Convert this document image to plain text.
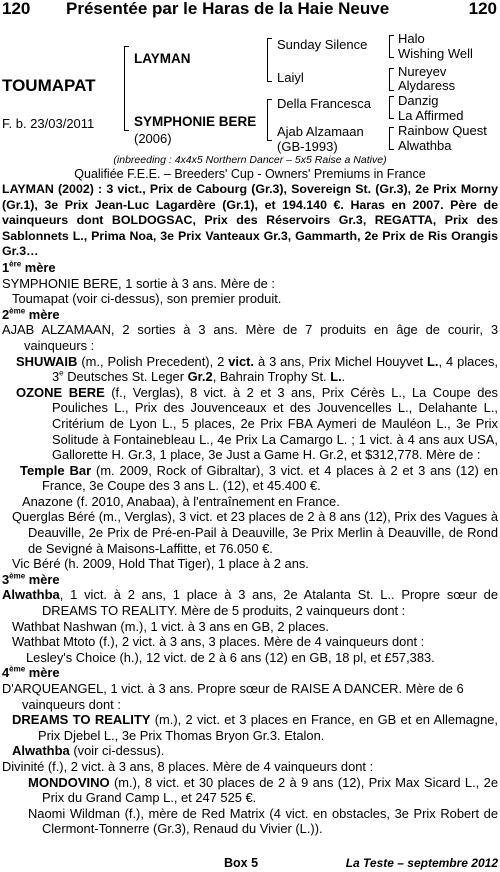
120 Présentée par le Haras de la Haie Neuve	120
TOUMAPAT
F. b. 23/03/2011
LAYMAN
SYMPHONIE BERE
(2006)
Sunday Silence
Laiyl
Della Francesca
Ajab Alzamaan
(GB-1993)
Halo
Wishing Well
Nureyev
Alydaress
Danzig
La Affirmed
Rainbow Quest
Alwathba
(inbreeding : 4x4x5 Northern Dancer – 5x5 Raise a Native)
Qualifiée F.E.E. – Breeders' Cup - Owners' Premiums in France

LAYMAN (2002) : 3 vict., Prix de Cabourg (Gr.3), Sovereign St. (Gr.3), 2e Prix Morny (Gr.1), 3e Prix Jean-Luc Lagardère (Gr.1), et 194.140 €. Haras en 2007. Père de vainqueurs dont BOLDOGSAC, Prix des Réservoirs Gr.3, REGATTA, Prix des Sablonnets L., Prima Noa, 3e Prix Vanteaux Gr.3, Gammarth, 2e Prix de Ris Orangis Gr.3…

1ère mère

SYMPHONIE BERE, 1 sortie à 3 ans. Mère de :

Toumapat (voir ci-dessus), son premier produit.

2ème mère

AJAB ALZAMAAN, 2 sorties à 3 ans. Mère de 7 produits en âge de courir, 3 vainqueurs :

SHUWAIB (m., Polish Precedent), 2 vict. à 3 ans, Prix Michel Houyvet L., 4 places, 3e Deutsches St. Leger Gr.2, Bahrain Trophy St. L..

OZONE BERE (f., Verglas), 8 vict. à 2 et 3 ans, Prix Cérès L., La Coupe des Pouliches L., Prix des Jouvenceaux et des Jouvencelles L., Delahante L., Critérium de Lyon L., 5 places, 2e Prix FBA Aymeri de Mauléon L., 3e Prix Solitude à Fontainebleau L., 4e Prix La Camargo L. ; 1 vict. à 4 ans aux USA, Gallorette H. Gr.3, 1 place, 3e Just a Game H. Gr.2, et $312,778. Mère de :

Temple Bar (m. 2009, Rock of Gibraltar), 3 vict. et 4 places à 2 et 3 ans (12) en France, 3e Coupe des 3 ans L. (12), et 45.400 €.

Anazone (f. 2010, Anabaa), à l'entraînement en France.

Querglas Béré (m., Verglas), 3 vict. et 23 places de 2 à 8 ans (12), Prix des Vagues à Deauville, 2e Prix de Pré-en-Pail à Deauville, 3e Prix Merlin à Deauville, de Rond de Sevigné à Maisons-Laffitte, et 76.050 €.

Vic Béré (h. 2009, Hold That Tiger), 1 place à 2 ans.

3ème mère

Alwathba, 1 vict. à 2 ans, 1 place à 3 ans, 2e Atalanta St. L.. Propre sœur de DREAMS TO REALITY. Mère de 5 produits, 2 vainqueurs dont :

Wathbat Nashwan (m.), 1 vict. à 3 ans en GB, 2 places.

Wathbat Mtoto (f.), 2 vict. à 3 ans, 3 places. Mère de 4 vainqueurs dont :

Lesley's Choice (h.), 12 vict. de 2 à 6 ans (12) en GB, 18 pl, et £57,383.

4ème mère

D'ARQUEANGEL, 1 vict. à 3 ans. Propre sœur de RAISE A DANCER. Mère de 6 vainqueurs dont :

DREAMS TO REALITY (m.), 2 vict. et 3 places en France, en GB et en Allemagne, Prix Djebel L., 3e Prix Thomas Bryon Gr.3. Etalon.

Alwathba (voir ci-dessus).

Divinité (f.), 2 vict. à 3 ans, 8 places. Mère de 4 vainqueurs dont :

MONDOVINO (m.), 8 vict. et 30 places de 2 à 9 ans (12), Prix Max Sicard L., 2e Prix du Grand Camp L., et 247 525 €.

Naomi Wildman (f.), mère de Red Matrix (4 vict. en obstacles, 3e Prix Robert de Clermont-Tonnerre (Gr.3), Renaud du Vivier (L.)).

Box 5	La Teste – septembre 2012
